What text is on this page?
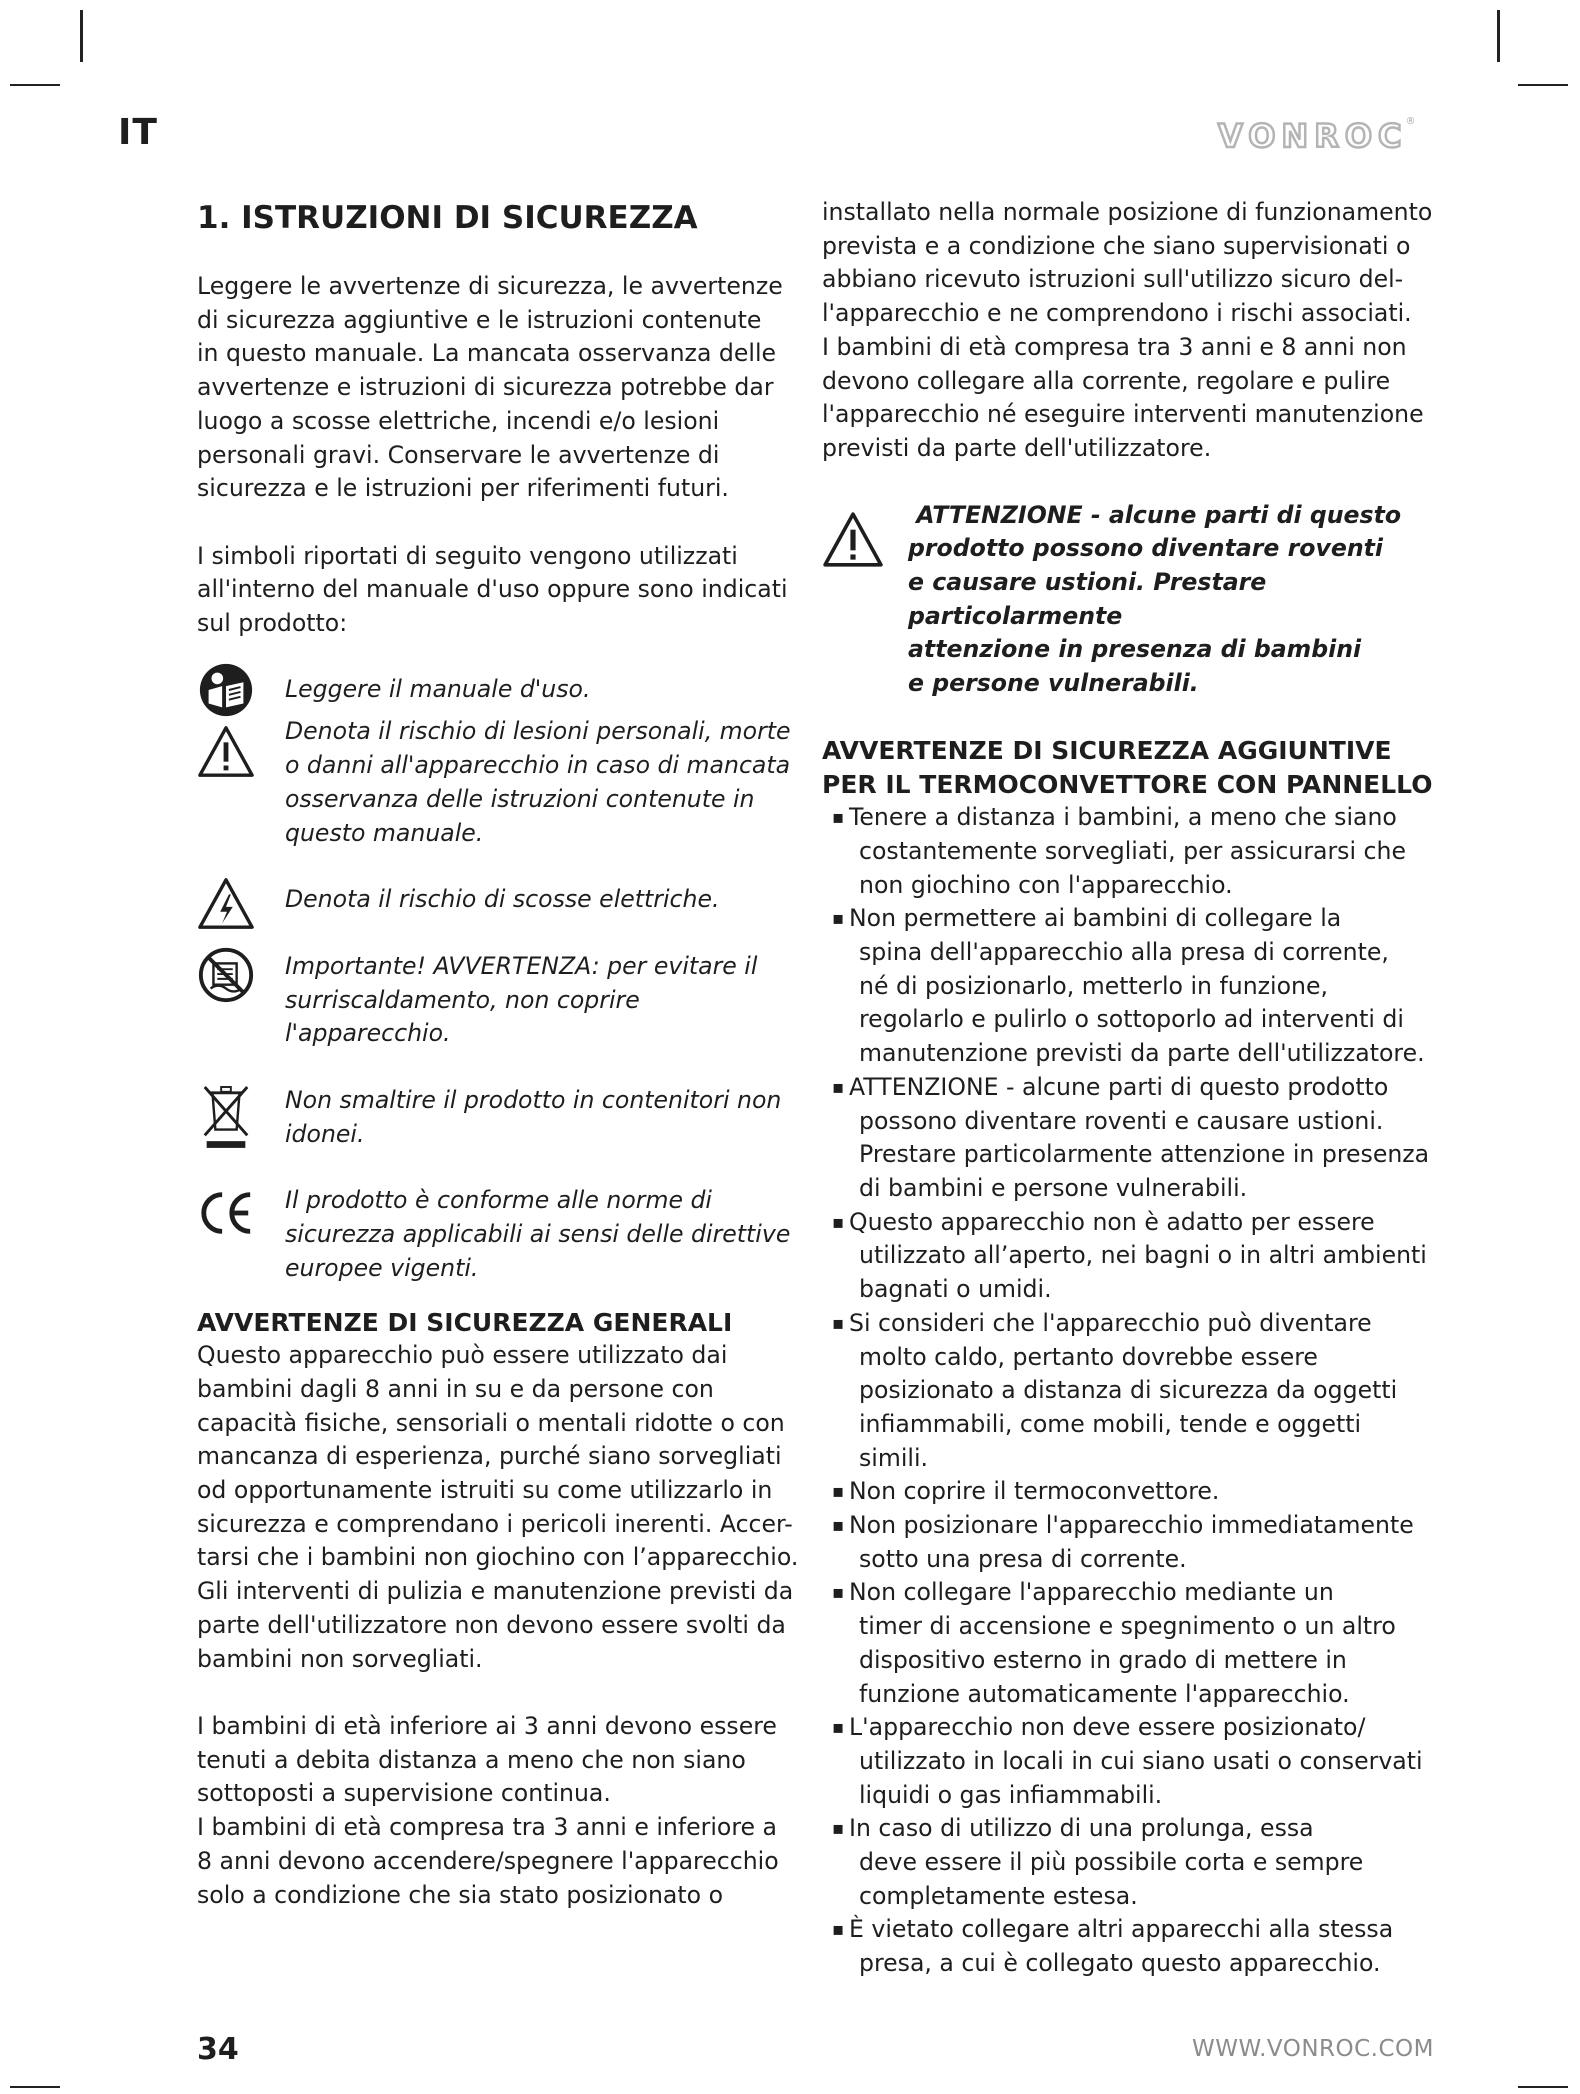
IT	VONROC
®
1. ISTRUZIONI DI SICUREZZA
Leggere le avvertenze di sicurezza, le avvertenze
di sicurezza aggiuntive e le istruzioni contenute
in questo manuale. La mancata osservanza delle
avvertenze e istruzioni di sicurezza potrebbe dar
luogo a scosse elettriche, incendi e/o lesioni
personali gravi. Conservare le avvertenze di
sicurezza e le istruzioni per riferimenti futuri.
I simboli riportati di seguito vengono utilizzati
all'interno del manuale d'uso oppure sono indicati
sul prodotto:
Leggere il manuale d'uso.
Denota il rischio di lesioni personali, morte
o danni all'apparecchio in caso di mancata
osservanza delle istruzioni contenute in
questo manuale.
Denota il rischio di scosse elettriche.
Importante! AVVERTENZA: per evitare il
surriscaldamento, non coprire l'apparecchio.
Non smaltire il prodotto in contenitori non
idonei.
Il prodotto è conforme alle norme di
sicurezza applicabili ai sensi delle direttive
europee vigenti.
AVVERTENZE DI SICUREZZA GENERALI
Questo apparecchio può essere utilizzato dai
bambini dagli 8 anni in su e da persone con
capacità fisiche, sensoriali o mentali ridotte o con
mancanza di esperienza, purché siano sorvegliati
od opportunamente istruiti su come utilizzarlo in
sicurezza e comprendano i pericoli inerenti. Accer-
tarsi che i bambini non giochino con l’apparecchio.
Gli interventi di pulizia e manutenzione previsti da
parte dell'utilizzatore non devono essere svolti da
bambini non sorvegliati.
I bambini di età inferiore ai 3 anni devono essere
tenuti a debita distanza a meno che non siano
sottoposti a supervisione continua.
I bambini di età compresa tra 3 anni e inferiore a
8 anni devono accendere/spegnere l'apparecchio
solo a condizione che sia stato posizionato o
installato nella normale posizione di funzionamento
prevista e a condizione che siano supervisionati o
abbiano ricevuto istruzioni sull'utilizzo sicuro del-
l'apparecchio e ne comprendono i rischi associati.
I bambini di età compresa tra 3 anni e 8 anni non
devono collegare alla corrente, regolare e pulire
l'apparecchio né eseguire interventi manutenzione
previsti da parte dell'utilizzatore.
ATTENZIONE - alcune parti di questo
prodotto possono diventare roventi
e causare ustioni. Prestare particolarmente
attenzione in presenza di bambini
e persone vulnerabili.
AVVERTENZE DI SICUREZZA AGGIUNTIVE
PER IL TERMOCONVETTORE CON PANNELLO
▪ Tenere a distanza i bambini, a meno che siano
costantemente sorvegliati, per assicurarsi che
non giochino con l'apparecchio.
▪ Non permettere ai bambini di collegare la
spina dell'apparecchio alla presa di corrente,
né di posizionarlo, metterlo in funzione,
regolarlo e pulirlo o sottoporlo ad interventi di
manutenzione previsti da parte dell'utilizzatore.
▪ ATTENZIONE - alcune parti di questo prodotto
possono diventare roventi e causare ustioni.
Prestare particolarmente attenzione in presenza
di bambini e persone vulnerabili.
▪ Questo apparecchio non è adatto per essere
utilizzato all’aperto, nei bagni o in altri ambienti
bagnati o umidi.
▪ Si consideri che l'apparecchio può diventare
molto caldo, pertanto dovrebbe essere
posizionato a distanza di sicurezza da oggetti
infiammabili, come mobili, tende e oggetti simili.
▪ Non coprire il termoconvettore.
▪ Non posizionare l'apparecchio immediatamente
sotto una presa di corrente.
▪ Non collegare l'apparecchio mediante un
timer di accensione e spegnimento o un altro
dispositivo esterno in grado di mettere in
funzione automaticamente l'apparecchio.
▪ L'apparecchio non deve essere posizionato/
utilizzato in locali in cui siano usati o conservati
liquidi o gas infiammabili.
▪ In caso di utilizzo di una prolunga, essa
deve essere il più possibile corta e sempre
completamente estesa.
▪ È vietato collegare altri apparecchi alla stessa
presa, a cui è collegato questo apparecchio.
34	WWW.VONROC.COM
